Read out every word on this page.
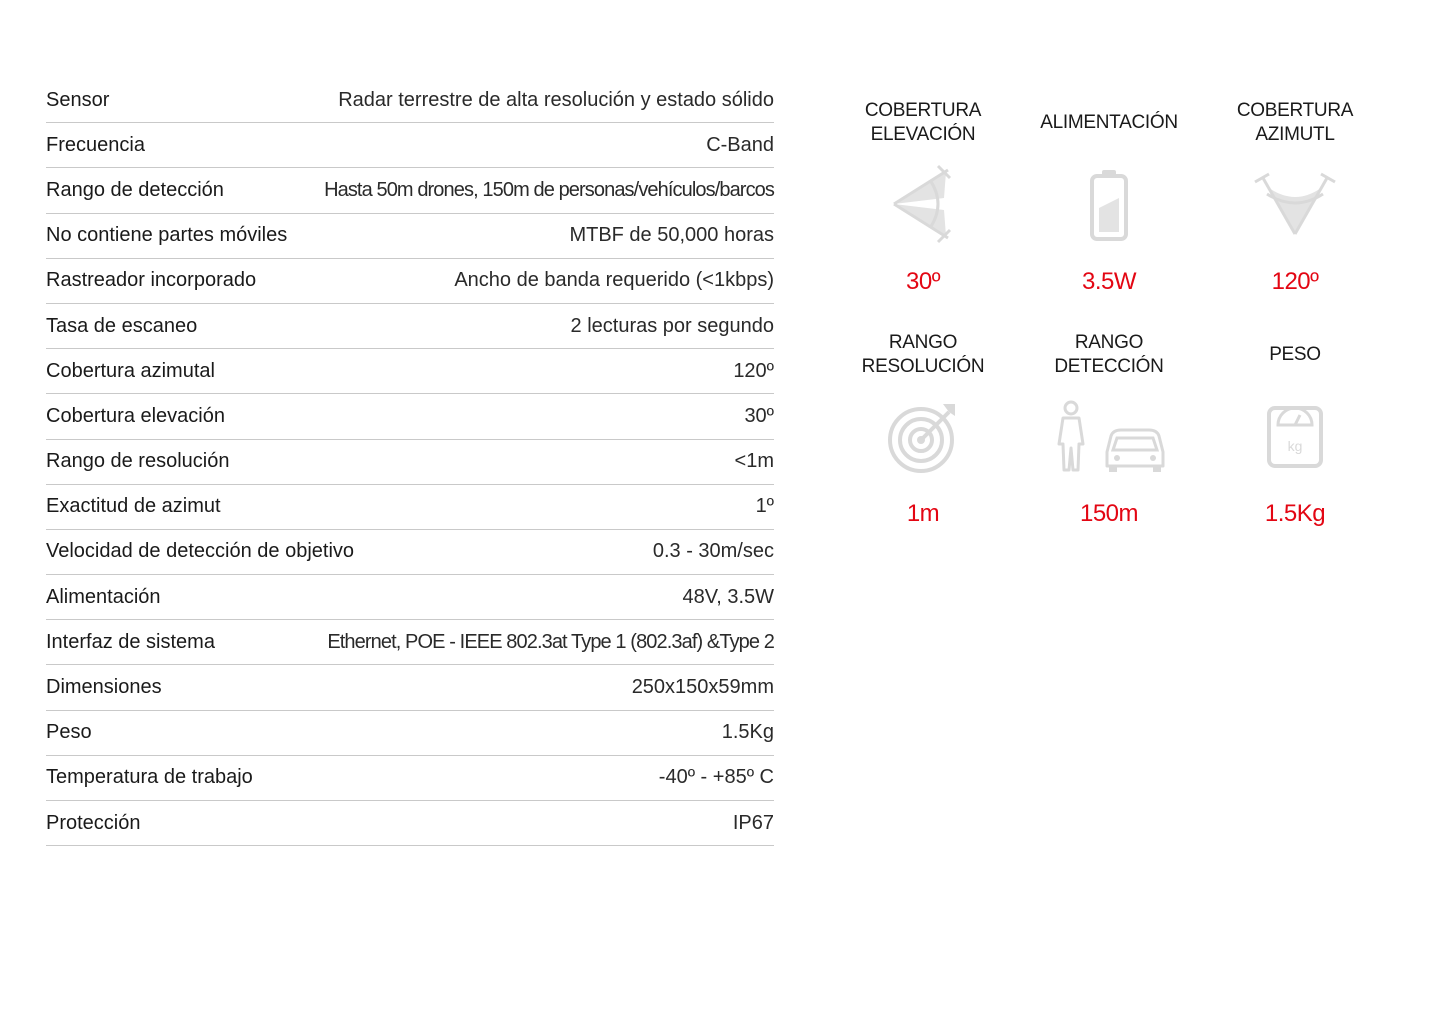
Sensor	Radar terrestre de alta resolución y estado sólido
Frecuencia	C-Band
Rango de detección	Hasta 50m drones, 150m de personas/vehículos/barcos
No contiene partes móviles	MTBF de 50,000 horas
Rastreador incorporado	Ancho de banda requerido (<1kbps)
Tasa de escaneo	2 lecturas por segundo
Cobertura azimutal	120º
Cobertura elevación	30º
Rango de resolución	<1m
Exactitud de azimut	1º
Velocidad de detección de objetivo	0.3 - 30m/sec
Alimentación	48V, 3.5W
Interfaz de sistema	Ethernet, POE - IEEE 802.3at Type 1 (802.3af) &Type 2
Dimensiones	250x150x59mm
Peso	1.5Kg
Temperatura de trabajo	-40º - +85º C
Protección	IP67
COBERTURA
ELEVACIÓN
30º
ALIMENTACIÓN
3.5W
COBERTURA
AZIMUTL
120º
RANGO
RESOLUCIÓN
1m
RANGO
DETECCIÓN
150m
PESO
kg
1.5Kg
